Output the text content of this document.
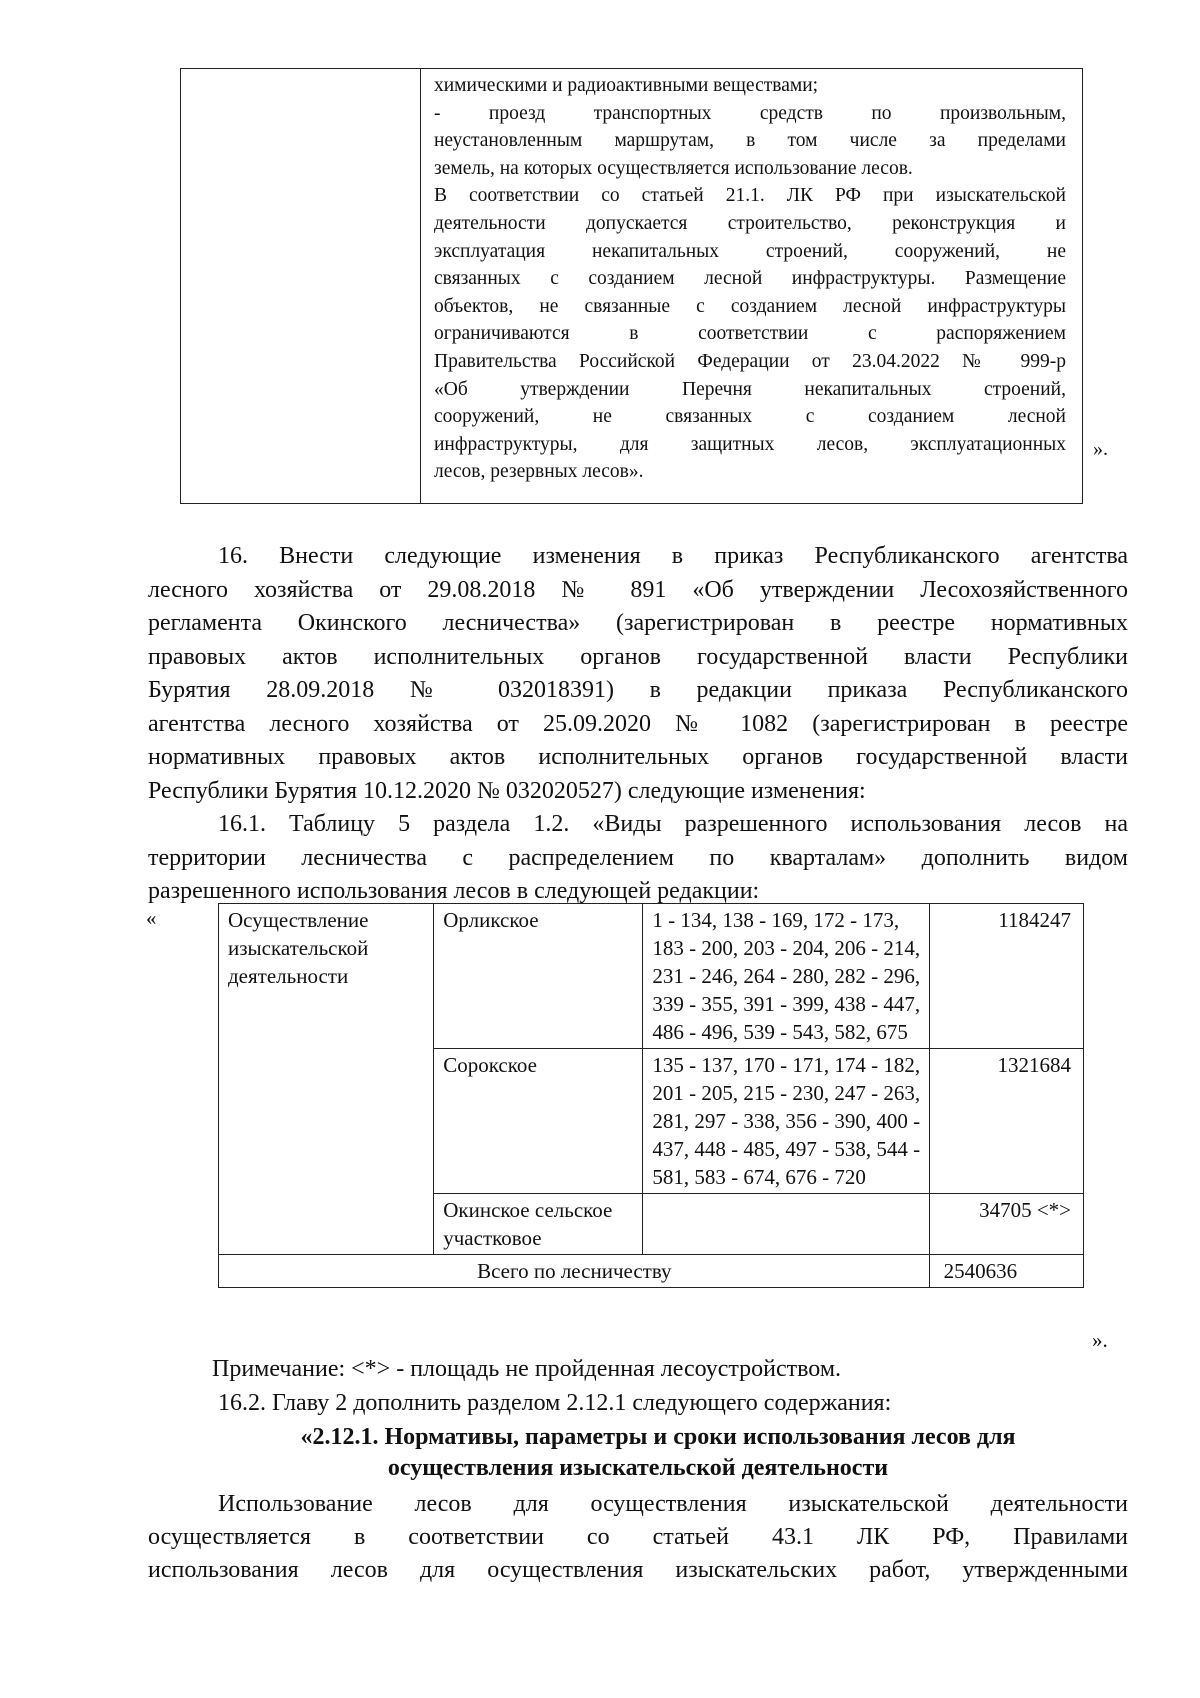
химическими и радиоактивными веществами;

- проезд транспортных средств по произвольным,

неустановленным маршрутам, в том числе за пределами

земель, на которых осуществляется использование лесов.

В соответствии со статьей 21.1. ЛК РФ при изыскательской

деятельности допускается строительство, реконструкция и

эксплуатация некапитальных строений, сооружений, не

связанных с созданием лесной инфраструктуры. Размещение

объектов, не связанные с созданием лесной инфраструктуры

ограничиваются в соответствии с распоряжением

Правительства Российской Федерации от 23.04.2022 № 999-р

«Об утверждении Перечня некапитальных строений,

сооружений, не связанных с созданием лесной

инфраструктуры, для защитных лесов, эксплуатационных

лесов, резервных лесов».

».

16. Внести следующие изменения в приказ Республиканского агентства

лесного хозяйства от 29.08.2018 № 891 «Об утверждении Лесохозяйственного

регламента Окинского лесничества» (зарегистрирован в реестре нормативных

правовых актов исполнительных органов государственной власти Республики

Бурятия 28.09.2018 № 032018391) в редакции приказа Республиканского

агентства лесного хозяйства от 25.09.2020 № 1082 (зарегистрирован в реестре

нормативных правовых актов исполнительных органов государственной власти

Республики Бурятия 10.12.2020 № 032020527) следующие изменения:

16.1. Таблицу 5 раздела 1.2. «Виды разрешенного использования лесов на

территории лесничества с распределением по кварталам» дополнить видом

разрешенного использования лесов в следующей редакции:

«	Осуществление изыскательской деятельности	Орликское	1 - 134, 138 - 169, 172 - 173, 183 - 200, 203 - 204, 206 - 214, 231 - 246, 264 - 280, 282 - 296, 339 - 355, 391 - 399, 438 - 447, 486 - 496, 539 - 543, 582, 675	1184247
	Сорокское	135 - 137, 170 - 171, 174 - 182, 201 - 205, 215 - 230, 247 - 263, 281, 297 - 338, 356 - 390, 400 - 437, 448 - 485, 497 - 538, 544 - 581, 583 - 674, 676 - 720	1321684
	Окинское сельское участковое		34705 <*>
Всего по лесничеству			2540636
».
Примечание: <*> - площадь не пройденная лесоустройством.
16.2. Главу 2 дополнить разделом 2.12.1 следующего содержания:
«2.12.1. Нормативы, параметры и сроки использования лесов для
осуществления изыскательской деятельности

Использование лесов для осуществления изыскательской деятельности

осуществляется в соответствии со статьей 43.1 ЛК РФ, Правилами

использования лесов для осуществления изыскательских работ, утвержденными
